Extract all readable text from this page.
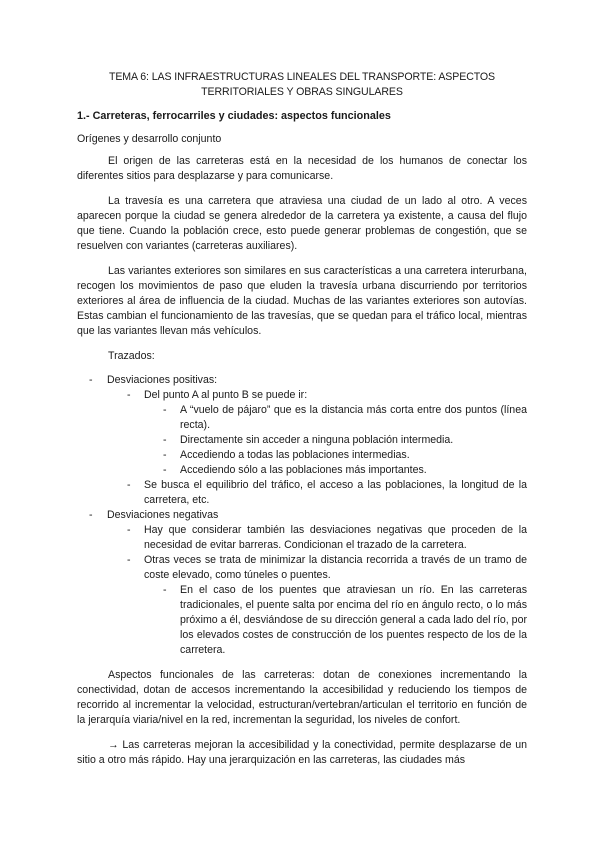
TEMA 6: LAS INFRAESTRUCTURAS LINEALES DEL TRANSPORTE: ASPECTOS TERRITORIALES Y OBRAS SINGULARES
1.- Carreteras, ferrocarriles y ciudades: aspectos funcionales
Orígenes y desarrollo conjunto

El origen de las carreteras está en la necesidad de los humanos de conectar los diferentes sitios para desplazarse y para comunicarse.

La travesía es una carretera que atraviesa una ciudad de un lado al otro. A veces aparecen porque la ciudad se genera alrededor de la carretera ya existente, a causa del flujo que tiene. Cuando la población crece, esto puede generar problemas de congestión, que se resuelven con variantes (carreteras auxiliares).

Las variantes exteriores son similares en sus características a una carretera interurbana, recogen los movimientos de paso que eluden la travesía urbana discurriendo por territorios exteriores al área de influencia de la ciudad. Muchas de las variantes exteriores son autovías. Estas cambian el funcionamiento de las travesías, que se quedan para el tráfico local, mientras que las variantes llevan más vehículos.

Trazados:
- Desviaciones positivas:
- Del punto A al punto B se puede ir:
- A “vuelo de pájaro” que es la distancia más corta entre dos puntos (línea recta).
- Directamente sin acceder a ninguna población intermedia.
- Accediendo a todas las poblaciones intermedias.
- Accediendo sólo a las poblaciones más importantes.
- Se busca el equilibrio del tráfico, el acceso a las poblaciones, la longitud de la carretera, etc.
- Desviaciones negativas
- Hay que considerar también las desviaciones negativas que proceden de la necesidad de evitar barreras. Condicionan el trazado de la carretera.
- Otras veces se trata de minimizar la distancia recorrida a través de un tramo de coste elevado, como túneles o puentes.
- En el caso de los puentes que atraviesan un río. En las carreteras tradicionales, el puente salta por encima del río en ángulo recto, o lo más próximo a él, desviándose de su dirección general a cada lado del río, por los elevados costes de construcción de los puentes respecto de los de la carretera.

Aspectos funcionales de las carreteras: dotan de conexiones incrementando la conectividad, dotan de accesos incrementando la accesibilidad y reduciendo los tiempos de recorrido al incrementar la velocidad, estructuran/vertebran/articulan el territorio en función de la jerarquía viaria/nivel en la red, incrementan la seguridad, los niveles de confort.

→ Las carreteras mejoran la accesibilidad y la conectividad, permite desplazarse de un sitio a otro más rápido. Hay una jerarquización en las carreteras, las ciudades más
